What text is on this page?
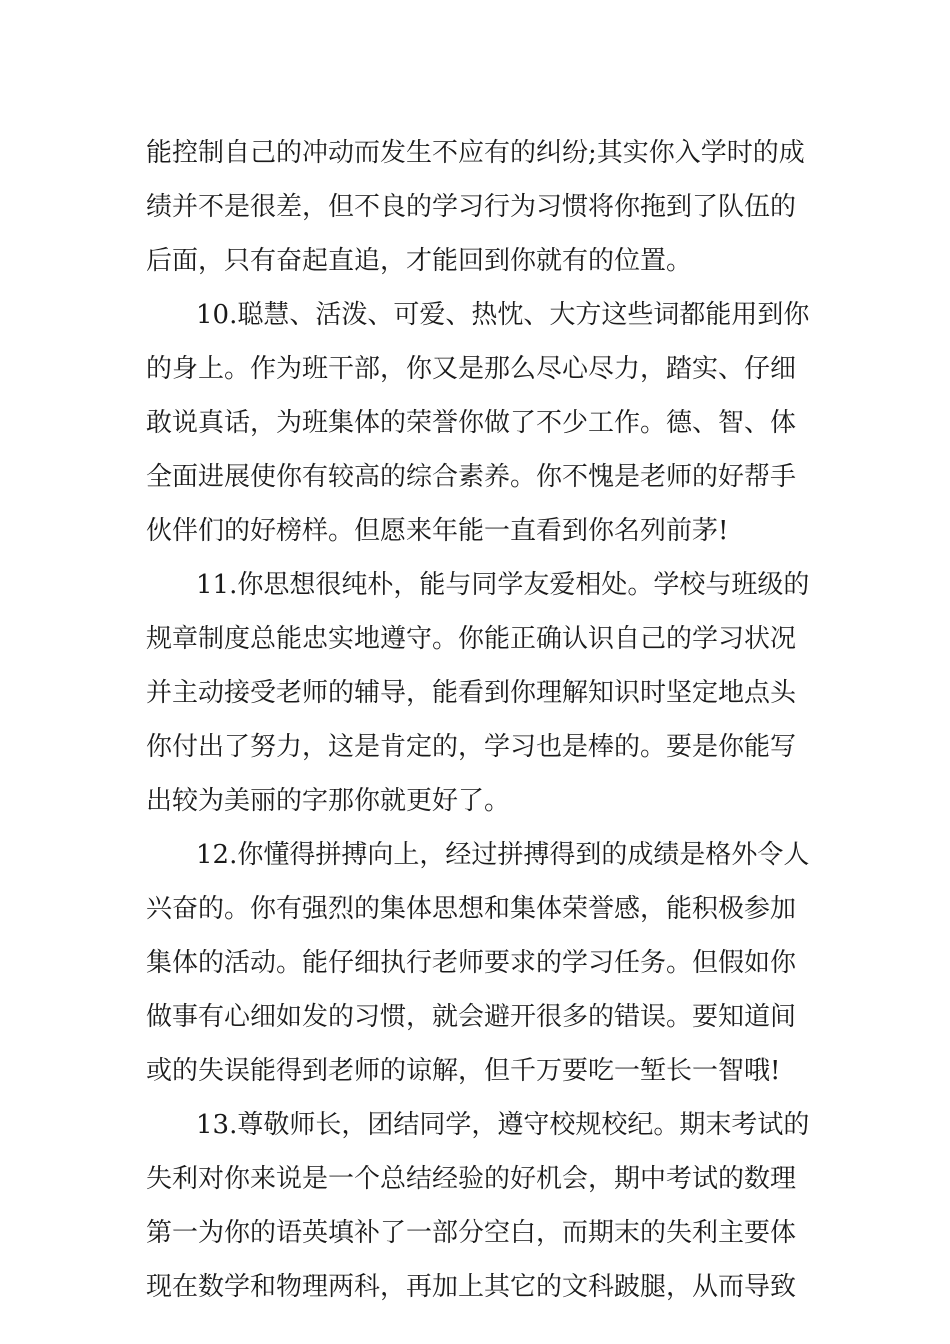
能控制自己的冲动而发生不应有的纠纷;其实你入学时的成
绩并不是很差，但不良的学习行为习惯将你拖到了队伍的
后面，只有奋起直追，才能回到你就有的位置。
10.聪慧、活泼、可爱、热忱、大方这些词都能用到你
的身上。作为班干部，你又是那么尽心尽力，踏实、仔细
敢说真话，为班集体的荣誉你做了不少工作。德、智、体
全面进展使你有较高的综合素养。你不愧是老师的好帮手
伙伴们的好榜样。但愿来年能一直看到你名列前茅!
11.你思想很纯朴，能与同学友爱相处。学校与班级的
规章制度总能忠实地遵守。你能正确认识自己的学习状况
并主动接受老师的辅导，能看到你理解知识时坚定地点头
你付出了努力，这是肯定的，学习也是棒的。要是你能写
出较为美丽的字那你就更好了。
12.你懂得拼搏向上，经过拼搏得到的成绩是格外令人
兴奋的。你有强烈的集体思想和集体荣誉感，能积极参加
集体的活动。能仔细执行老师要求的学习任务。但假如你
做事有心细如发的习惯，就会避开很多的错误。要知道间
或的失误能得到老师的谅解，但千万要吃一堑长一智哦!
13.尊敬师长，团结同学，遵守校规校纪。期末考试的
失利对你来说是一个总结经验的好机会，期中考试的数理
第一为你的语英填补了一部分空白，而期末的失利主要体
现在数学和物理两科，再加上其它的文科跛腿，从而导致
